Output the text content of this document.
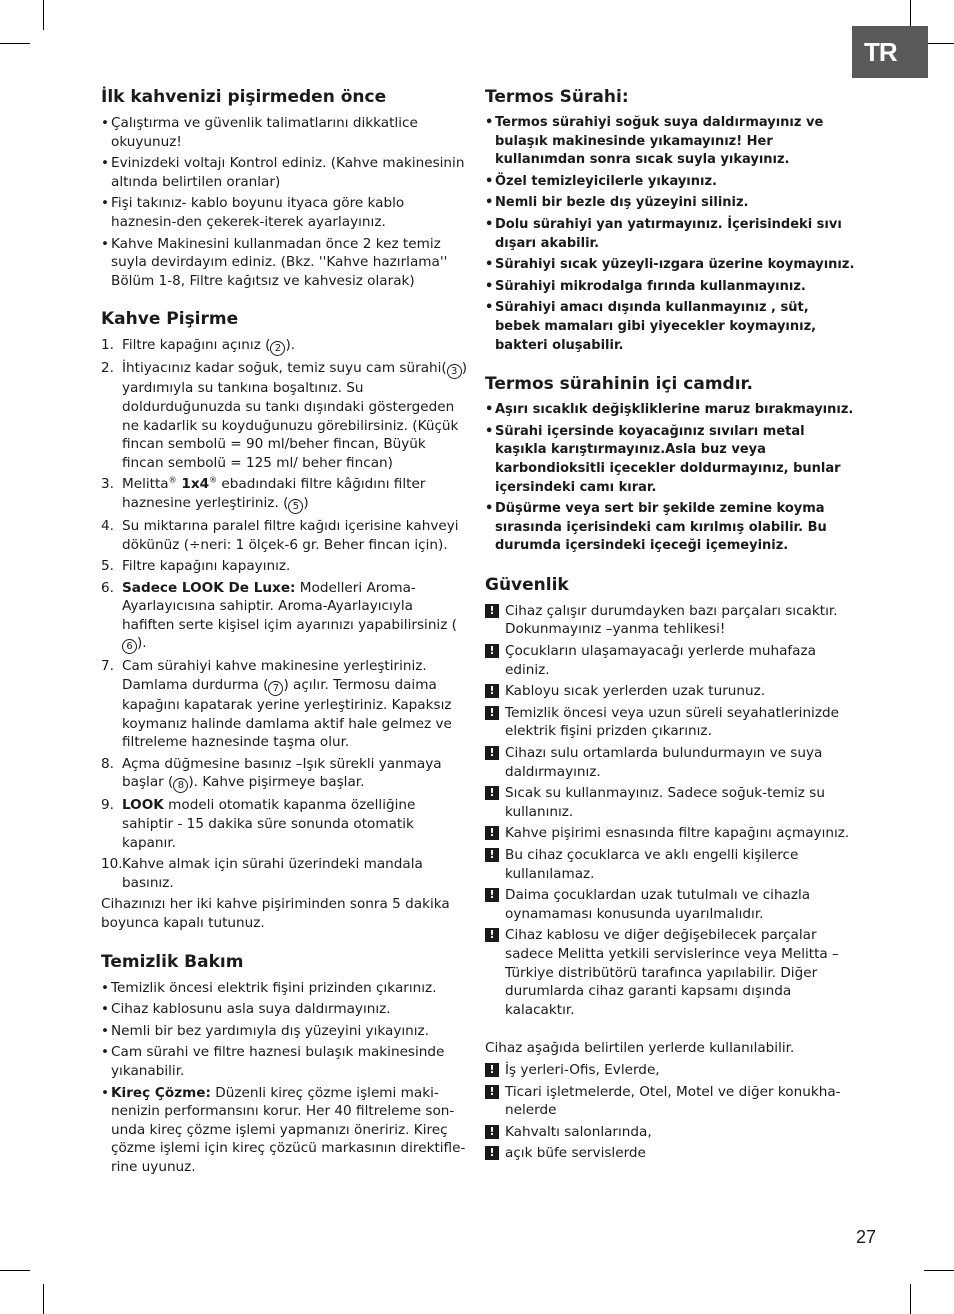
TR
İlk kahvenizi pişirmeden önce
• Çalıştırma ve güvenlik talimatlarını dikkatlice okuyunuz!
• Evinizdeki voltajı Kontrol ediniz. (Kahve makinesinin altında belirtilen oranlar)
• Fişi takınız- kablo boyunu ityaca göre kablo haznesin-den çekerek-iterek ayarlayınız.
• Kahve Makinesini kullanmadan önce 2 kez temiz suyla devirdayım ediniz. (Bkz. ''Kahve hazırlama'' Bölüm 1-8, Filtre kağıtsız ve kahvesiz olarak)
Kahve Pişirme
1. Filtre kapağını açınız ( 2 ).
2. İhtiyacınız kadar soğuk, temiz suyu cam sürahi( 3 ) yardımıyla su tankına boşaltınız. Su doldurduğunuzda su tankı dışındaki göstergeden ne kadarlik su koyduğunuzu görebilirsiniz. (Küçük fincan sembolü = 90 ml/beher fincan, Büyük fincan sembolü = 125 ml/ beher fincan)
3. Melitta® 1x4® ebadındaki filtre kâğıdını filter haznesine yerleştiriniz. ( 5 )
4. Su miktarına paralel filtre kağıdı içerisine kahveyi dökünüz (÷neri: 1 ölçek-6 gr. Beher fincan için).
5. Filtre kapağını kapayınız.
6. Sadece LOOK De Luxe: Modelleri Aroma-Ayarlayıcısına sahiptir. Aroma-Ayarlayıcıyla hafiften serte kişisel içim ayarınızı yapabilirsiniz (6 ).
7. Cam sürahiyi kahve makinesine yerleştiriniz. Damlama durdurma ( 7 ) açılır. Termosu daima kapağını kapatarak yerine yerleştiriniz. Kapaksız koymanız halinde damlama aktif hale gelmez ve filtreleme haznesinde taşma olur.
8. Açma düğmesine basınız –Işık sürekli yanmaya başlar ( 8 ). Kahve pişirmeye başlar.
9. LOOK modeli otomatik kapanma özelliğine sahiptir - 15 dakika süre sonunda otomatik kapanır.
10. Kahve almak için sürahi üzerindeki mandala basınız.

Cihazınızı her iki kahve pişiriminden sonra 5 dakika boyunca kapalı tutunuz.

Temizlik Bakım
• Temizlik öncesi elektrik fişini prizinden çıkarınız.
• Cihaz kablosunu asla suya daldırmayınız.
• Nemli bir bez yardımıyla dış yüzeyini yıkayınız.
• Cam sürahi ve filtre haznesi bulaşık makinesinde yıkanabilir.
• Kireç Çözme: Düzenli kireç çözme işlemi maki-nenizin performansını korur. Her 40 filtreleme son-unda kireç çözme işlemi yapmanızı öneririz. Kireç çözme işlemi için kireç çözücü markasının direktifle-rine uyunuz.
Termos Sürahi:
• Termos sürahiyi soğuk suya daldırmayınız ve bulaşık makinesinde yıkamayınız! Her kullanımdan sonra sıcak suyla yıkayınız.
• Özel temizleyicilerle yıkayınız.
• Nemli bir bezle dış yüzeyini siliniz.
• Dolu sürahiyi yan yatırmayınız. İçerisindeki sıvı dışarı akabilir.
• Sürahiyi sıcak yüzeyli-ızgara üzerine koymayınız.
• Sürahiyi mikrodalga fırında kullanmayınız.
• Sürahiyi amacı dışında kullanmayınız , süt, bebek mamaları gibi yiyecekler koymayınız, bakteri oluşabilir.
Termos sürahinin içi camdır.
• Aşırı sıcaklık değişkliklerine maruz bırakmayınız.
• Sürahi içersinde koyacağınız sıvıları metal kaşıkla karıştırmayınız.Asla buz veya karbondioksitli içecekler doldurmayınız, bunlar içersindeki camı kırar.
• Düşürme veya sert bir şekilde zemine koyma sırasında içerisindeki cam kırılmış olabilir. Bu durumda içersindeki içeceği içemeyiniz.
Güvenlik
! Cihaz çalışır durumdayken bazı parçaları sıcaktır. Dokunmayınız –yanma tehlikesi!
! Çocukların ulaşamayacağı yerlerde muhafaza ediniz.
! Kabloyu sıcak yerlerden uzak turunuz.
! Temizlik öncesi veya uzun süreli seyahatlerinizde elektrik fişini prizden çıkarınız.
! Cihazı sulu ortamlarda bulundurmayın ve suya daldırmayınız.
! Sıcak su kullanmayınız. Sadece soğuk-temiz su kullanınız.
! Kahve pişirimi esnasında filtre kapağını açmayınız.
! Bu cihaz çocuklarca ve aklı engelli kişilerce kullanılamaz.
! Daima çocuklardan uzak tutulmalı ve cihazla oynamaması konusunda uyarılmalıdır.
! Cihaz kablosu ve diğer değişebilecek parçalar sadece Melitta yetkili servislerince veya Melitta –Türkiye distribütörü tarafınca yapılabilir. Diğer durumlarda cihaz garanti kapsamı dışında kalacaktır.

Cihaz aşağıda belirtilen yerlerde kullanılabilir.

! İş yerleri-Ofis, Evlerde,
! Ticari işletmelerde, Otel, Motel ve diğer konukha-nelerde
! Kahvaltı salonlarında,
! açık büfe servislerde
27
